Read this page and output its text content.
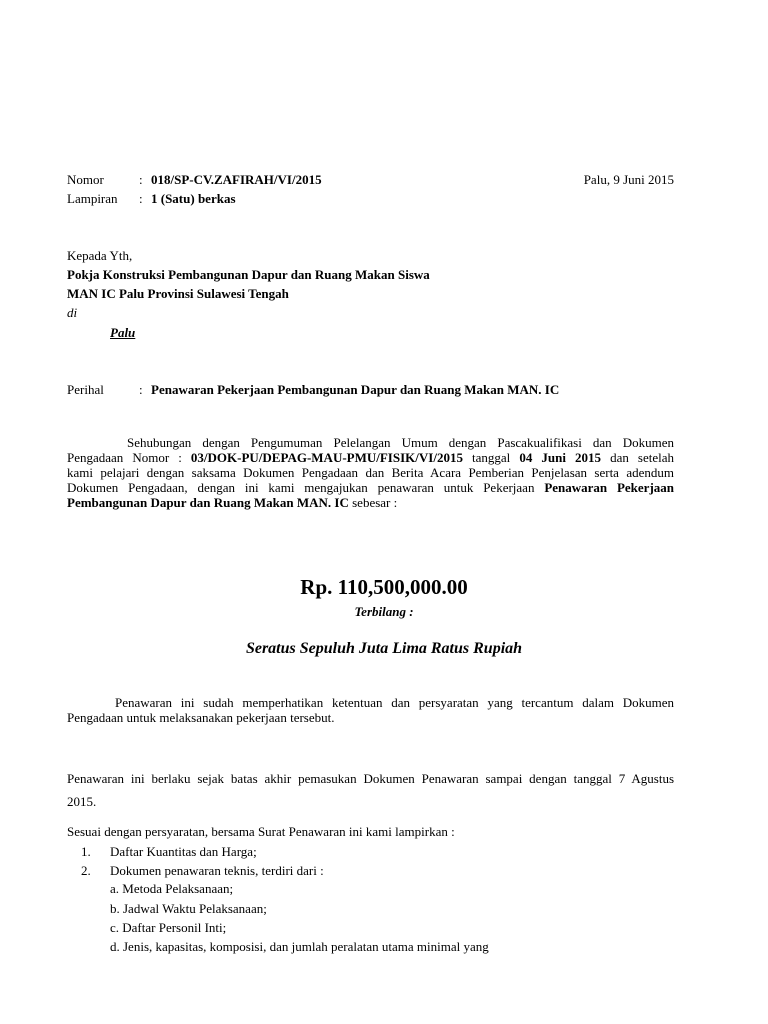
Nomor	: 018/SP-CV.ZAFIRAH/VI/2015	Palu, 9 Juni 2015
Lampiran : 1 (Satu) berkas
Kepada Yth,
Pokja Konstruksi Pembangunan Dapur dan Ruang Makan Siswa
MAN IC Palu Provinsi Sulawesi Tengah
di
Palu
Perihal	: Penawaran Pekerjaan Pembangunan Dapur dan Ruang Makan MAN. IC
Sehubungan dengan Pengumuman Pelelangan Umum dengan Pascakualifikasi dan Dokumen
Pengadaan Nomor : 03/DOK-PU/DEPAG-MAU-PMU/FISIK/VI/2015 tanggal 04 Juni 2015 dan setelah
kami pelajari dengan saksama Dokumen Pengadaan dan Berita Acara Pemberian Penjelasan serta adendum
Dokumen Pengadaan, dengan ini kami mengajukan penawaran untuk Pekerjaan Penawaran Pekerjaan
Pembangunan Dapur dan Ruang Makan MAN. IC sebesar :
Rp. 110,500,000.00
Terbilang :
Seratus Sepuluh Juta Lima Ratus Rupiah
Penawaran ini sudah memperhatikan ketentuan dan persyaratan yang tercantum dalam Dokumen
Pengadaan untuk melaksanakan pekerjaan tersebut.
Penawaran ini berlaku sejak batas akhir pemasukan Dokumen Penawaran sampai dengan tanggal 7 Agustus
2015.
Sesuai dengan persyaratan, bersama Surat Penawaran ini kami lampirkan :
1. Daftar Kuantitas dan Harga;
2. Dokumen penawaran teknis, terdiri dari :
a. Metoda Pelaksanaan;
b. Jadwal Waktu Pelaksanaan;
c. Daftar Personil Inti;
d. Jenis, kapasitas, komposisi, dan jumlah peralatan utama minimal yang
